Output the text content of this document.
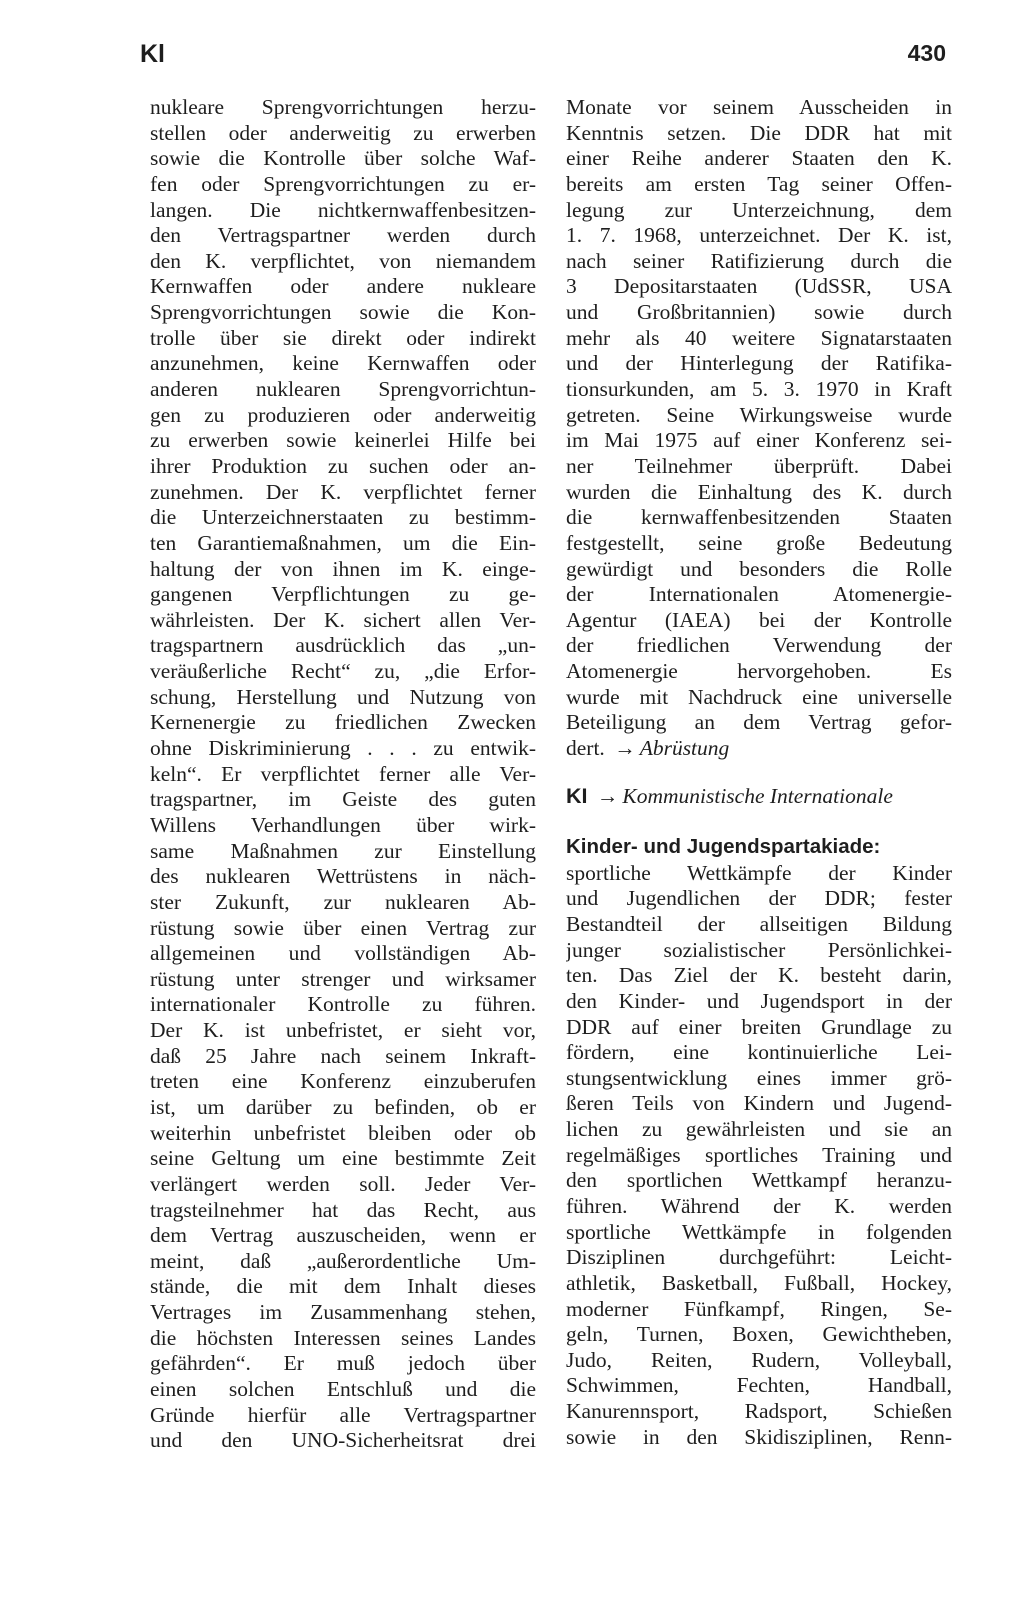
Kl	430
nukleare Sprengvorrichtungen herzu-
stellen oder anderweitig zu erwerben
sowie die Kontrolle über solche Waf-
fen oder Sprengvorrichtungen zu er-
langen. Die nichtkernwaffenbesitzen-
den Vertragspartner werden durch
den K. verpflichtet, von niemandem
Kernwaffen oder andere nukleare
Sprengvorrichtungen sowie die Kon-
trolle über sie direkt oder indirekt
anzunehmen, keine Kernwaffen oder
anderen nuklearen Sprengvorrichtun-
gen zu produzieren oder anderweitig
zu erwerben sowie keinerlei Hilfe bei
ihrer Produktion zu suchen oder an-
zunehmen. Der K. verpflichtet ferner
die Unterzeichnerstaaten zu bestimm-
ten Garantiemaßnahmen, um die Ein-
haltung der von ihnen im K. einge-
gangenen Verpflichtungen zu ge-
währleisten. Der K. sichert allen Ver-
tragspartnern ausdrücklich das „un-
veräußerliche Recht“ zu, „die Erfor-
schung, Herstellung und Nutzung von
Kernenergie zu friedlichen Zwecken
ohne Diskriminierung . . . zu entwik-
keln“. Er verpflichtet ferner alle Ver-
tragspartner, im Geiste des guten
Willens Verhandlungen über wirk-
same Maßnahmen zur Einstellung
des nuklearen Wettrüstens in näch-
ster Zukunft, zur nuklearen Ab-
rüstung sowie über einen Vertrag zur
allgemeinen und vollständigen Ab-
rüstung unter strenger und wirksamer
internationaler Kontrolle zu führen.
Der K. ist unbefristet, er sieht vor,
daß 25 Jahre nach seinem Inkraft-
treten eine Konferenz einzuberufen
ist, um darüber zu befinden, ob er
weiterhin unbefristet bleiben oder ob
seine Geltung um eine bestimmte Zeit
verlängert werden soll. Jeder Ver-
tragsteilnehmer hat das Recht, aus
dem Vertrag auszuscheiden, wenn er
meint, daß „außerordentliche Um-
stände, die mit dem Inhalt dieses
Vertrages im Zusammenhang stehen,
die höchsten Interessen seines Landes
gefährden“. Er muß jedoch über
einen solchen Entschluß und die
Gründe hierfür alle Vertragspartner
und den UNO-Sicherheitsrat drei
Monate vor seinem Ausscheiden in
Kenntnis setzen. Die DDR hat mit
einer Reihe anderer Staaten den K.
bereits am ersten Tag seiner Offen-
legung zur Unterzeichnung, dem
1. 7. 1968, unterzeichnet. Der K. ist,
nach seiner Ratifizierung durch die
3 Depositarstaaten (UdSSR, USA
und Großbritannien) sowie durch
mehr als 40 weitere Signatarstaaten
und der Hinterlegung der Ratifika-
tionsurkunden, am 5. 3. 1970 in Kraft
getreten. Seine Wirkungsweise wurde
im Mai 1975 auf einer Konferenz sei-
ner Teilnehmer überprüft. Dabei
wurden die Einhaltung des K. durch
die kernwaffenbesitzenden Staaten
festgestellt, seine große Bedeutung
gewürdigt und besonders die Rolle
der Internationalen Atomenergie-
Agentur (IAEA) bei der Kontrolle
der friedlichen Verwendung der
Atomenergie hervorgehoben. Es
wurde mit Nachdruck eine universelle
Beteiligung an dem Vertrag gefor-
dert. → Abrüstung
KI → Kommunistische Internationale
Kinder- und Jugendspartakiade:
sportliche Wettkämpfe der Kinder
und Jugendlichen der DDR; fester
Bestandteil der allseitigen Bildung
junger sozialistischer Persönlichkei-
ten. Das Ziel der K. besteht darin,
den Kinder- und Jugendsport in der
DDR auf einer breiten Grundlage zu
fördern, eine kontinuierliche Lei-
stungsentwicklung eines immer grö-
ßeren Teils von Kindern und Jugend-
lichen zu gewährleisten und sie an
regelmäßiges sportliches Training und
den sportlichen Wettkampf heranzu-
führen. Während der K. werden
sportliche Wettkämpfe in folgenden
Disziplinen durchgeführt: Leicht-
athletik, Basketball, Fußball, Hockey,
moderner Fünfkampf, Ringen, Se-
geln, Turnen, Boxen, Gewichtheben,
Judo, Reiten, Rudern, Volleyball,
Schwimmen, Fechten, Handball,
Kanurennsport, Radsport, Schießen
sowie in den Skidisziplinen, Renn-
